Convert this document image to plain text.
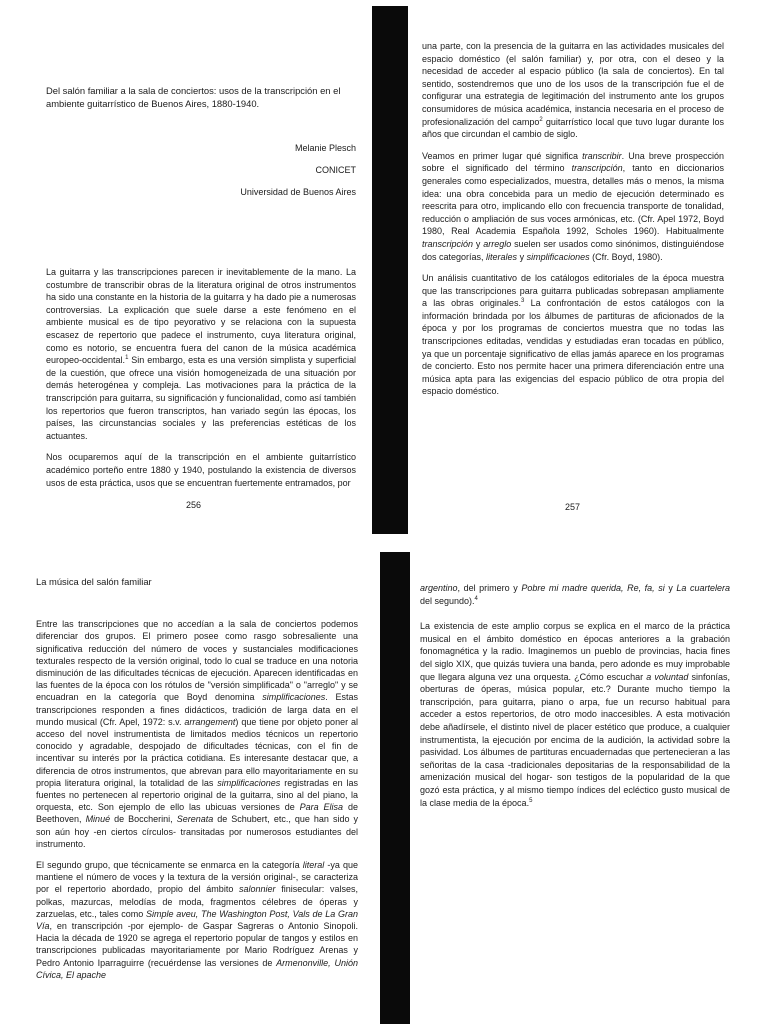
Del salón familiar a la sala de conciertos: usos de la transcripción en el ambiente guitarrístico de Buenos Aires, 1880-1940.
Melanie Plesch
CONICET
Universidad de Buenos Aires

La guitarra y las transcripciones parecen ir inevitablemente de la mano. La costumbre de transcribir obras de la literatura original de otros instrumentos ha sido una constante en la historia de la guitarra y ha dado pie a numerosas controversias. La explicación que suele darse a este fenómeno en el ambiente musical es de tipo peyorativo y se relaciona con la supuesta escasez de repertorio que padece el instrumento, cuya literatura original, como es notorio, se encuentra fuera del canon de la música académica europeo-occidental.$^1$ Sin embargo, esta es una versión simplista y superficial de la cuestión, que ofrece una visión homogeneizada de una situación por demás heterogénea y compleja. Las motivaciones para la práctica de la transcripción para guitarra, su significación y funcionalidad, como así también los repertorios que fueron transcriptos, han variado según las épocas, los países, las circunstancias sociales y las preferencias estéticas de los actuantes.

Nos ocuparemos aquí de la transcripción en el ambiente guitarrístico académico porteño entre 1880 y 1940, postulando la existencia de diversos usos de esta práctica, usos que se encuentran fuertemente entramados, por

256

una parte, con la presencia de la guitarra en las actividades musicales del espacio doméstico (el salón familiar) y, por otra, con el deseo y la necesidad de acceder al espacio público (la sala de conciertos). En tal sentido, sostendremos que uno de los usos de la transcripción fue el de configurar una estrategia de legitimación del instrumento ante los grupos consumidores de música académica, instancia necesaria en el proceso de profesionalización del campo$^2$ guitarrístico local que tuvo lugar durante los años que circundan el cambio de siglo.

Veamos en primer lugar qué significa transcribir. Una breve prospección sobre el significado del término transcripción, tanto en diccionarios generales como especializados, muestra, detalles más o menos, la misma idea: una obra concebida para un medio de ejecución determinado es reescrita para otro, implicando ello con frecuencia transporte de tonalidad, reducción o ampliación de sus voces armónicas, etc. (Cfr. Apel 1972, Boyd 1980, Real Academia Española 1992, Scholes 1960). Habitualmente transcripción y arreglo suelen ser usados como sinónimos, distinguiéndose dos categorías, literales y simplificaciones (Cfr. Boyd, 1980).

Un análisis cuantitativo de los catálogos editoriales de la época muestra que las transcripciones para guitarra publicadas sobrepasan ampliamente a las obras originales.$^3$ La confrontación de estos catálogos con la información brindada por los álbumes de partituras de aficionados de la época y por los programas de conciertos muestra que no todas las transcripciones editadas, vendidas y estudiadas eran tocadas en público, ya que un porcentaje significativo de ellas jamás aparece en los programas de concierto. Esto nos permite hacer una primera diferenciación entre una música apta para las exigencias del espacio público de otra propia del espacio doméstico.

257
La música del salón familiar

Entre las transcripciones que no accedían a la sala de conciertos podemos diferenciar dos grupos. El primero posee como rasgo sobresaliente una significativa reducción del número de voces y sustanciales modificaciones texturales respecto de la versión original, todo lo cual se traduce en una notoria disminución de las dificultades técnicas de ejecución. Aparecen identificadas en las fuentes de la época con los rótulos de "versión simplificada" o "arreglo" y se encuadran en la categoría que Boyd denomina simplificaciones. Estas transcripciones responden a fines didácticos, tradición de larga data en el mundo musical (Cfr. Apel, 1972: s.v. arrangement) que tiene por objeto poner al acceso del novel instrumentista de limitados medios técnicos un repertorio conocido y agradable, despojado de dificultades técnicas, con el fin de incentivar su interés por la práctica cotidiana. Es interesante destacar que, a diferencia de otros instrumentos, que abrevan para ello mayoritariamente en su propia literatura original, la totalidad de las simplificaciones registradas en las fuentes no pertenecen al repertorio original de la guitarra, sino al del piano, la orquesta, etc. Son ejemplo de ello las ubicuas versiones de Para Elisa de Beethoven, Minué de Boccherini, Serenata de Schubert, etc., que han sido y son aún hoy -en ciertos círculos- transitadas por numerosos estudiantes del instrumento.

El segundo grupo, que técnicamente se enmarca en la categoría literal -ya que mantiene el número de voces y la textura de la versión original-, se caracteriza por el repertorio abordado, propio del ámbito salonnier finisecular: valses, polkas, mazurcas, melodías de moda, fragmentos célebres de óperas y zarzuelas, etc., tales como Simple aveu, The Washington Post, Vals de La Gran Vía, en transcripción -por ejemplo- de Gaspar Sagreras o Antonio Sinopoli. Hacia la década de 1920 se agrega el repertorio popular de tangos y estilos en transcripciones publicadas mayoritariamente por Mario Rodríguez Arenas y Pedro Antonio Iparraguirre (recuérdense las versiones de Armenonville, Unión Cívica, El apache

argentino, del primero y Pobre mi madre querida, Re, fa, si y La cuartelera del segundo).$^4$

La existencia de este amplio corpus se explica en el marco de la práctica musical en el ámbito doméstico en épocas anteriores a la grabación fonomagnética y la radio. Imaginemos un pueblo de provincias, hacia fines del siglo XIX, que quizás tuviera una banda, pero adonde es muy improbable que llegara alguna vez una orquesta. ¿Cómo escuchar a voluntad sinfonías, oberturas de óperas, música popular, etc.? Durante mucho tiempo la transcripción, para guitarra, piano o arpa, fue un recurso habitual para acceder a estos repertorios, de otro modo inaccesibles. A esta motivación debe añadírsele, el distinto nivel de placer estético que produce, a cualquier instrumentista, la ejecución por encima de la audición, la actividad sobre la pasividad. Los álbumes de partituras encuadernadas que pertenecieran a las señoritas de la casa -tradicionales depositarias de la responsabilidad de la amenización musical del hogar- son testigos de la popularidad de la que gozó esta práctica, y al mismo tiempo índices del ecléctico gusto musical de la clase media de la época.$^5$
